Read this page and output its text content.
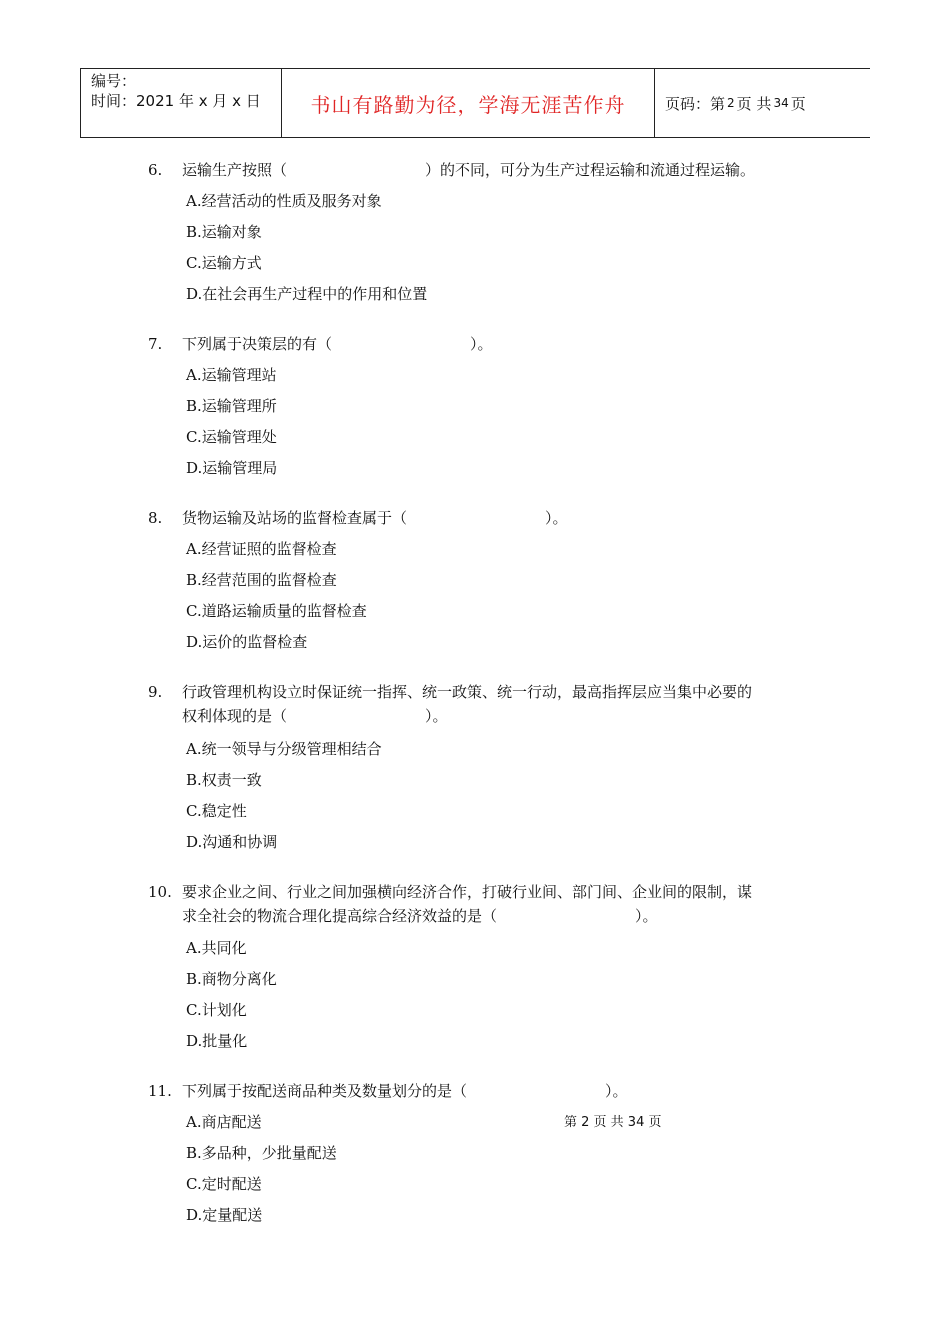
编号：
时间：2021 年 x 月 x 日	书山有路勤为径，学海无涯苦作舟	页码：第 2 页 共 34 页
6. 运输生产按照（	）的不同，可分为生产过程运输和流通过程运输。
A.经营活动的性质及服务对象
B.运输对象
C.运输方式
D.在社会再生产过程中的作用和位置
7. 下列属于决策层的有（	）。
A.运输管理站
B.运输管理所
C.运输管理处
D.运输管理局
8. 货物运输及站场的监督检查属于（	）。
A.经营证照的监督检查
B.经营范围的监督检查
C.道路运输质量的监督检查
D.运价的监督检查
9. 行政管理机构设立时保证统一指挥、统一政策、统一行动，最高指挥层应当集中必要的
权利体现的是（	）。
A.统一领导与分级管理相结合
B.权责一致
C.稳定性
D.沟通和协调
10. 要求企业之间、行业之间加强横向经济合作，打破行业间、部门间、企业间的限制，谋
求全社会的物流合理化提高综合经济效益的是（	）。
A.共同化
B.商物分离化
C.计划化
D.批量化
11. 下列属于按配送商品种类及数量划分的是（	）。
A.商店配送
B.多品种，少批量配送
C.定时配送
D.定量配送
第 2 页 共 34 页
